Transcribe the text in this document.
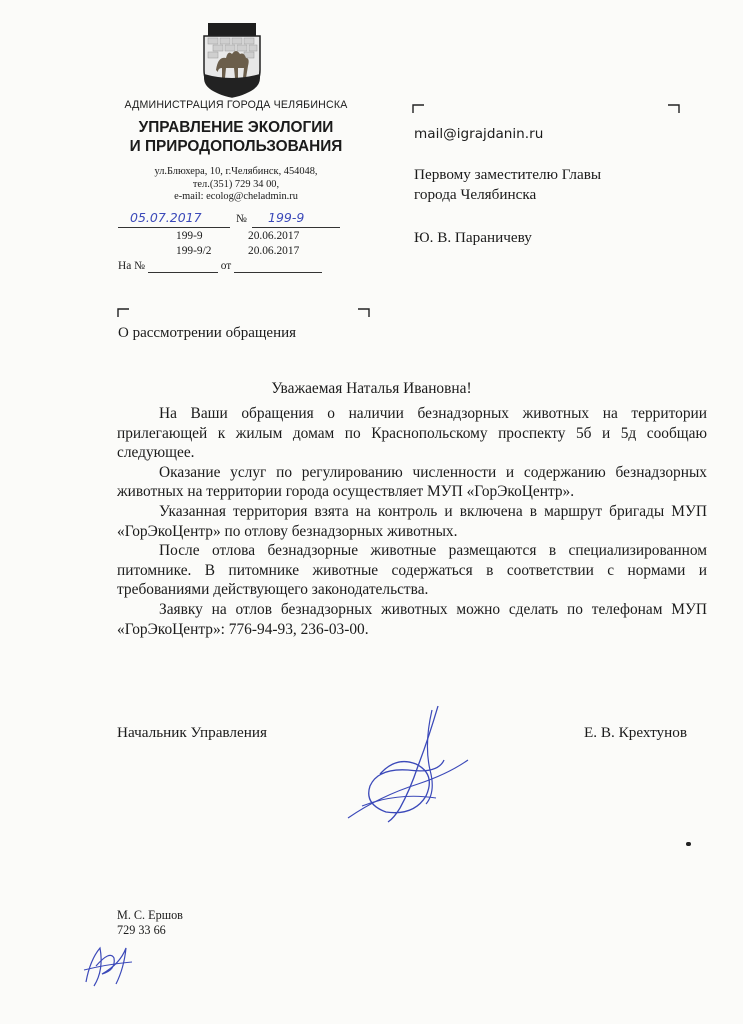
АДМИНИСТРАЦИЯ ГОРОДА ЧЕЛЯБИНСКА
УПРАВЛЕНИЕ ЭКОЛОГИИ
И ПРИРОДОПОЛЬЗОВАНИЯ
ул.Блюхера, 10, г.Челябинск, 454048,
тел.(351) 729 34 00,
e-mail: ecolog@cheladmin.ru
05.07.2017	№ 199-9
199-9	20.06.2017
199-9/2	20.06.2017
На №	от
mail@igrajdanin.ru
Первому заместителю Главы
города Челябинска
Ю. В. Параничеву
О рассмотрении обращения
Уважаемая Наталья Ивановна!

На Ваши обращения о наличии безнадзорных животных на территории прилегающей к жилым домам по Краснопольскому проспекту 5б и 5д сообщаю следующее.

Оказание услуг по регулированию численности и содержанию безнадзорных животных на территории города осуществляет МУП «ГорЭкоЦентр».

Указанная территория взята на контроль и включена в маршрут бригады МУП «ГорЭкоЦентр» по отлову безнадзорных животных.

После отлова безнадзорные животные размещаются в специализированном питомнике. В питомнике животные содержаться в соответствии с нормами и требованиями действующего законодательства.

Заявку на отлов безнадзорных животных можно сделать по телефонам МУП «ГорЭкоЦентр»: 776-94-93, 236-03-00.

Начальник Управления	Е. В. Крехтунов
М. С. Ершов
729 33 66
